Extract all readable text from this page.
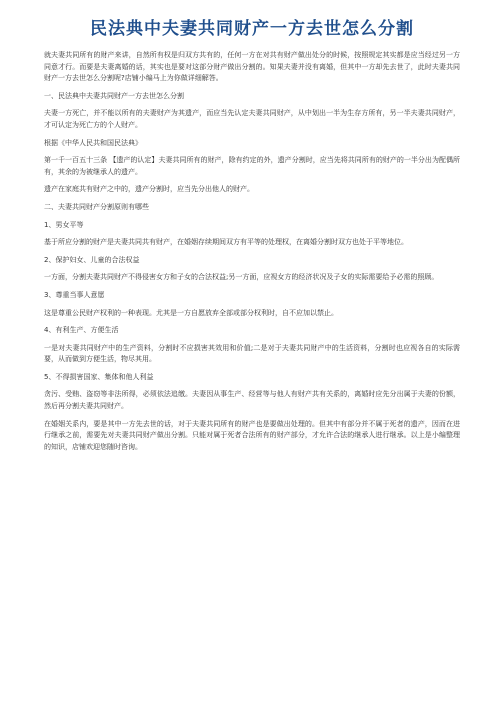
民法典中夫妻共同财产一方去世怎么分割

就夫妻共同所有的财产来讲，自然所有权是归双方共有的，任何一方在对共有财产做出处分的时候，按照规定其实都是应当经过另一方同意才行。而要是夫妻离婚的话，其实也是要对这部分财产做出分割的。知果夫妻并没有离婚，但其中一方却先去世了，此时夫妻共同财产一方去世怎么分割呢?店铺小编马上为你做详细解答。

一、民法典中夫妻共同财产一方去世怎么分割

夫妻一方死亡，并不能以所有的夫妻财产为其遗产，而应当先认定夫妻共同财产，从中划出一半为生存方所有，另一半夫妻共同财产，才可认定为死亡方的个人财产。

根据《中华人民共和国民法典》

第一千一百五十三条 【遗产的认定】夫妻共同所有的财产，除有约定的外，遗产分割时，应当先将共同所有的财产的一半分出为配偶所有，其余的为被继承人的遗产。

遗产在家庭共有财产之中的，遗产分割时，应当先分出他人的财产。

二、夫妻共同财产分割原则有哪些

1、男女平等

基于所应分割的财产是夫妻共同共有财产，在婚姻存续期间双方有平等的处理权，在离婚分割时双方也处于平等地位。

2、保护妇女、儿童的合法权益

一方面，分割夫妻共同财产不得侵害女方和子女的合法权益;另一方面，应视女方的经济状况及子女的实际需要给予必需的照顾。

3、尊重当事人意愿

这是尊重公民财产权利的一种表现。尤其是一方自愿放弃全部或部分权利时，自不应加以禁止。

4、有利生产、方便生活

一是对夫妻共同财产中的生产资料，分割时不应损害其效用和价值;二是对于夫妻共同财产中的生活资料，分割时也应视各自的实际需要，从而做到方便生活，物尽其用。

5、不得损害国家、集体和他人利益

贪污、受贿、盗窃等非法所得，必须依法追缴。夫妻因从事生产、经营等与他人有财产共有关系的，离婚时应先分出属于夫妻的份额，然后再分割夫妻共同财产。

在婚姻关系内，要是其中一方先去世的话，对于夫妻共同所有的财产也是要做出处理的。但其中有部分并不属于死者的遗产，因而在进行继承之前，需要先对夫妻共同财产做出分割。只能对属于死者合法所有的财产部分，才允许合法的继承人进行继承。以上是小编整理的知识，店铺欢迎您随时咨询。
